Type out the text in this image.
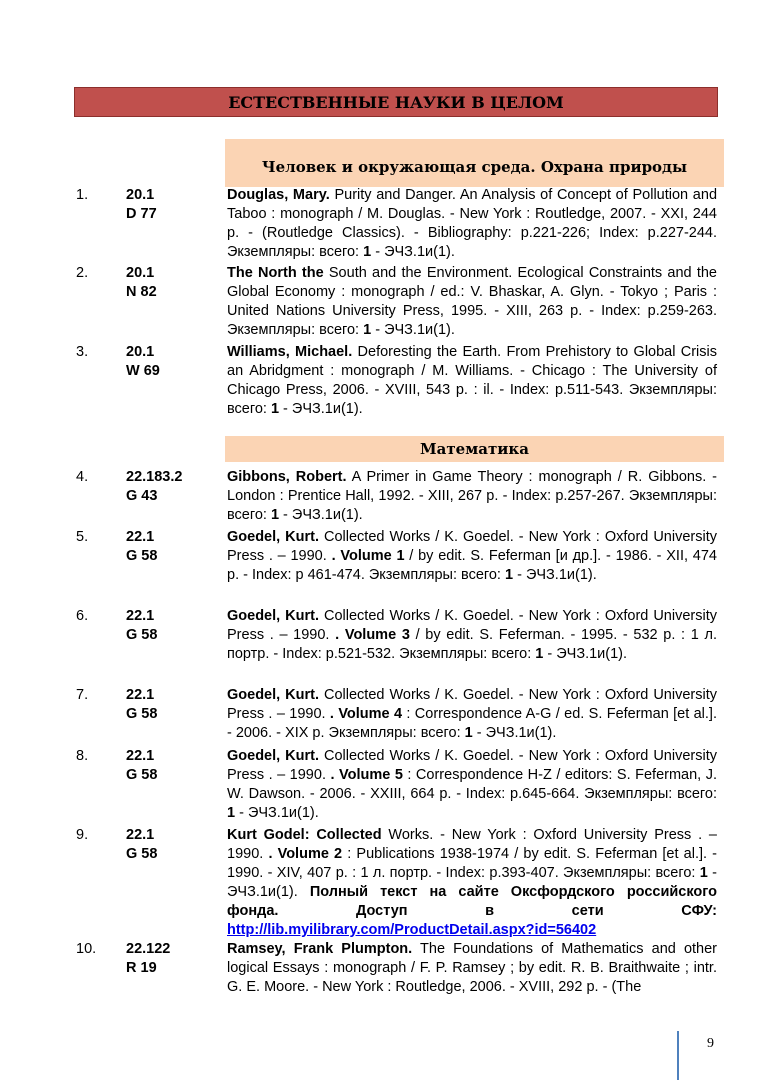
ЕСТЕСТВЕННЫЕ НАУКИ В ЦЕЛОМ
Человек и окружающая среда. Охрана природы
Математика
1.	20.1
D 77
Douglas, Mary. Purity and Danger. An Analysis of Concept of Pollution and Taboo : monograph / M. Douglas. - New York : Routledge, 2007. - XXI, 244 p. - (Routledge Classics). - Bibliography: p.221-226; Index: p.227-244. Экземпляры: всего: 1 - ЭЧЗ.1и(1).
2.	20.1
N 82
The North the South and the Environment. Ecological Constraints and the Global Economy : monograph / ed.: V. Bhaskar, A. Glyn. - Tokyo ; Paris : United Nations University Press, 1995. - XIII, 263 p. - Index: p.259-263. Экземпляры: всего: 1 - ЭЧЗ.1и(1).
3.	20.1
W 69
Williams, Michael. Deforesting the Earth. From Prehistory to Global Crisis an Abridgment : monograph / M. Williams. - Chicago : The University of Chicago Press, 2006. - XVIII, 543 p. : il. - Index: p.511-543. Экземпляры: всего: 1 - ЭЧЗ.1и(1).
4.	22.183.2
G 43
Gibbons, Robert. A Primer in Game Theory : monograph / R. Gibbons. - London : Prentice Hall, 1992. - XIII, 267 p. - Index: p.257-267. Экземпляры: всего: 1 - ЭЧЗ.1и(1).
5.	22.1
G 58
Goedel, Kurt. Collected Works / K. Goedel. - New York : Oxford University Press . – 1990. . Volume 1 / by edit. S. Feferman [и др.]. - 1986. - XII, 474 p. - Index: p 461-474. Экземпляры: всего: 1 - ЭЧЗ.1и(1).
6.	22.1
G 58
Goedel, Kurt. Collected Works / K. Goedel. - New York : Oxford University Press . – 1990. . Volume 3 / by edit. S. Feferman. - 1995. - 532 p. : 1 л. портр. - Index: p.521-532. Экземпляры: всего: 1 - ЭЧЗ.1и(1).
7.	22.1
G 58
Goedel, Kurt. Collected Works / K. Goedel. - New York : Oxford University Press . – 1990. . Volume 4 : Correspondence A-G / ed. S. Feferman [et al.]. - 2006. - XIX p. Экземпляры: всего: 1 - ЭЧЗ.1и(1).
8.	22.1
G 58
Goedel, Kurt. Collected Works / K. Goedel. - New York : Oxford University Press . – 1990. . Volume 5 : Correspondence H-Z / editors: S. Feferman, J. W. Dawson. - 2006. - XXIII, 664 p. - Index: p.645-664. Экземпляры: всего: 1 - ЭЧЗ.1и(1).
9.	22.1
G 58
Kurt Godel: Collected Works. - New York : Oxford University Press . – 1990. . Volume 2 : Publications 1938-1974 / by edit. S. Feferman [et al.]. - 1990. - XIV, 407 p. : 1 л. портр. - Index: p.393-407. Экземпляры: всего: 1 - ЭЧЗ.1и(1). Полный текст на сайте Оксфордского российского фонда. Доступ в сети СФУ: http://lib.myilibrary.com/ProductDetail.aspx?id=56402
10. 22.122
R 19
Ramsey, Frank Plumpton. The Foundations of Mathematics and other logical Essays : monograph / F. P. Ramsey ; by edit. R. B. Braithwaite ; intr. G. E. Moore. - New York : Routledge, 2006. - XVIII, 292 p. - (The
9
